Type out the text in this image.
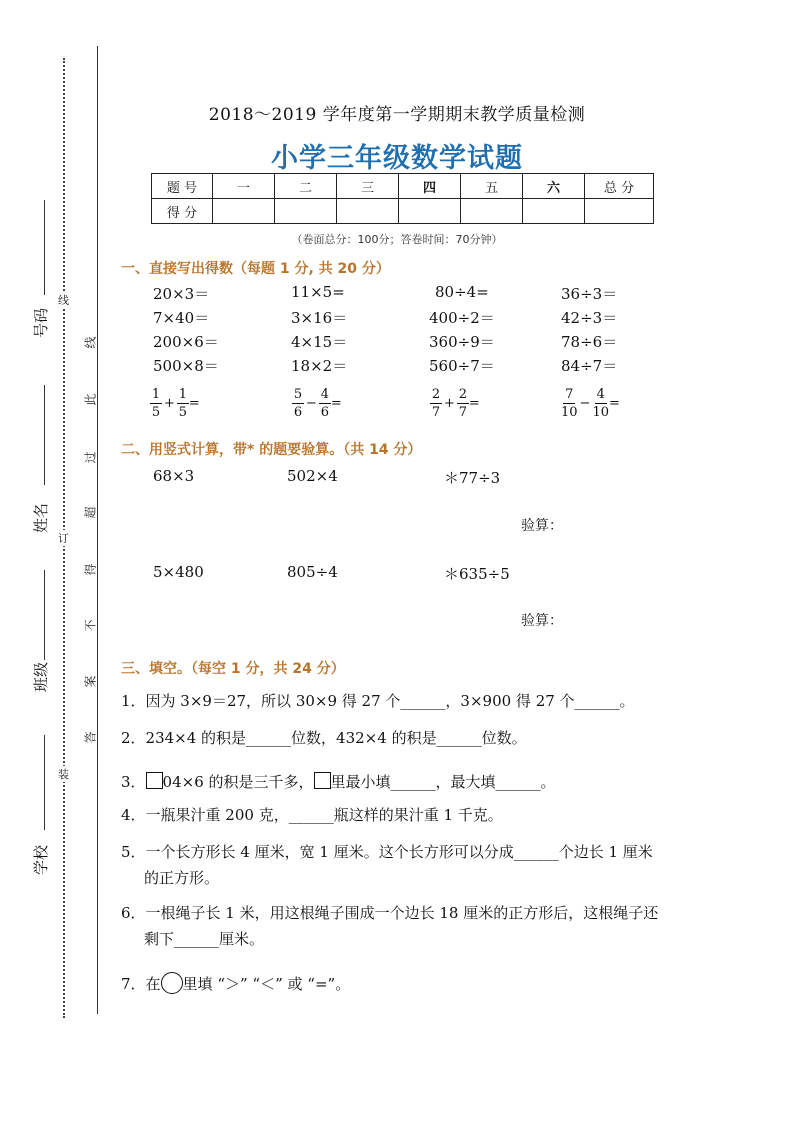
号码
姓名
班级
学校
线
订
装
线
此
过
超
得
不
案
答
2018～2019 学年度第一学期期末教学质量检测
小学三年级数学试题
题 号	一	二	三	四	五	六	总 分
得 分							
（卷面总分：100分；答卷时间：70分钟）
一、直接写出得数（每题 1 分, 共 20 分）
20×3＝	11×5=	80÷4=	36÷3＝
7×40＝	3×16＝	400÷2＝	42÷3＝
200×6＝	4×15＝	360÷9＝	78÷6＝
500×8＝	18×2＝	560÷7＝	84÷7＝
$\frac{1}{5} + \frac{1}{5}$ =	$\frac{5}{6} - \frac{4}{6}$ =	$\frac{2}{7} + \frac{2}{7}$ =	$\frac{7}{10} - \frac{4}{10}$ =
二、用竖式计算，带* 的题要验算。（共 14 分）
68×3	502×4	＊77÷3
验算：
5×480	805÷4	＊635÷5
验算：
三、填空。（每空 1 分，共 24 分）
1．因为 3×9＝27，所以 30×9 得 27 个______，3×900 得 27 个______。
2．234×4 的积是______位数，432×4 的积是______位数。
3． 04×6 的积是三千多， 里最小填______，最大填______。
4．一瓶果汁重 200 克，______瓶这样的果汁重 1 千克。
5．一个长方形长 4 厘米，宽 1 厘米。这个长方形可以分成______个边长 1 厘米
的正方形。
6．一根绳子长 1 米，用这根绳子围成一个边长 18 厘米的正方形后，这根绳子还
剩下______厘米。
7．在 里填 “＞” “＜” 或 “=”。
